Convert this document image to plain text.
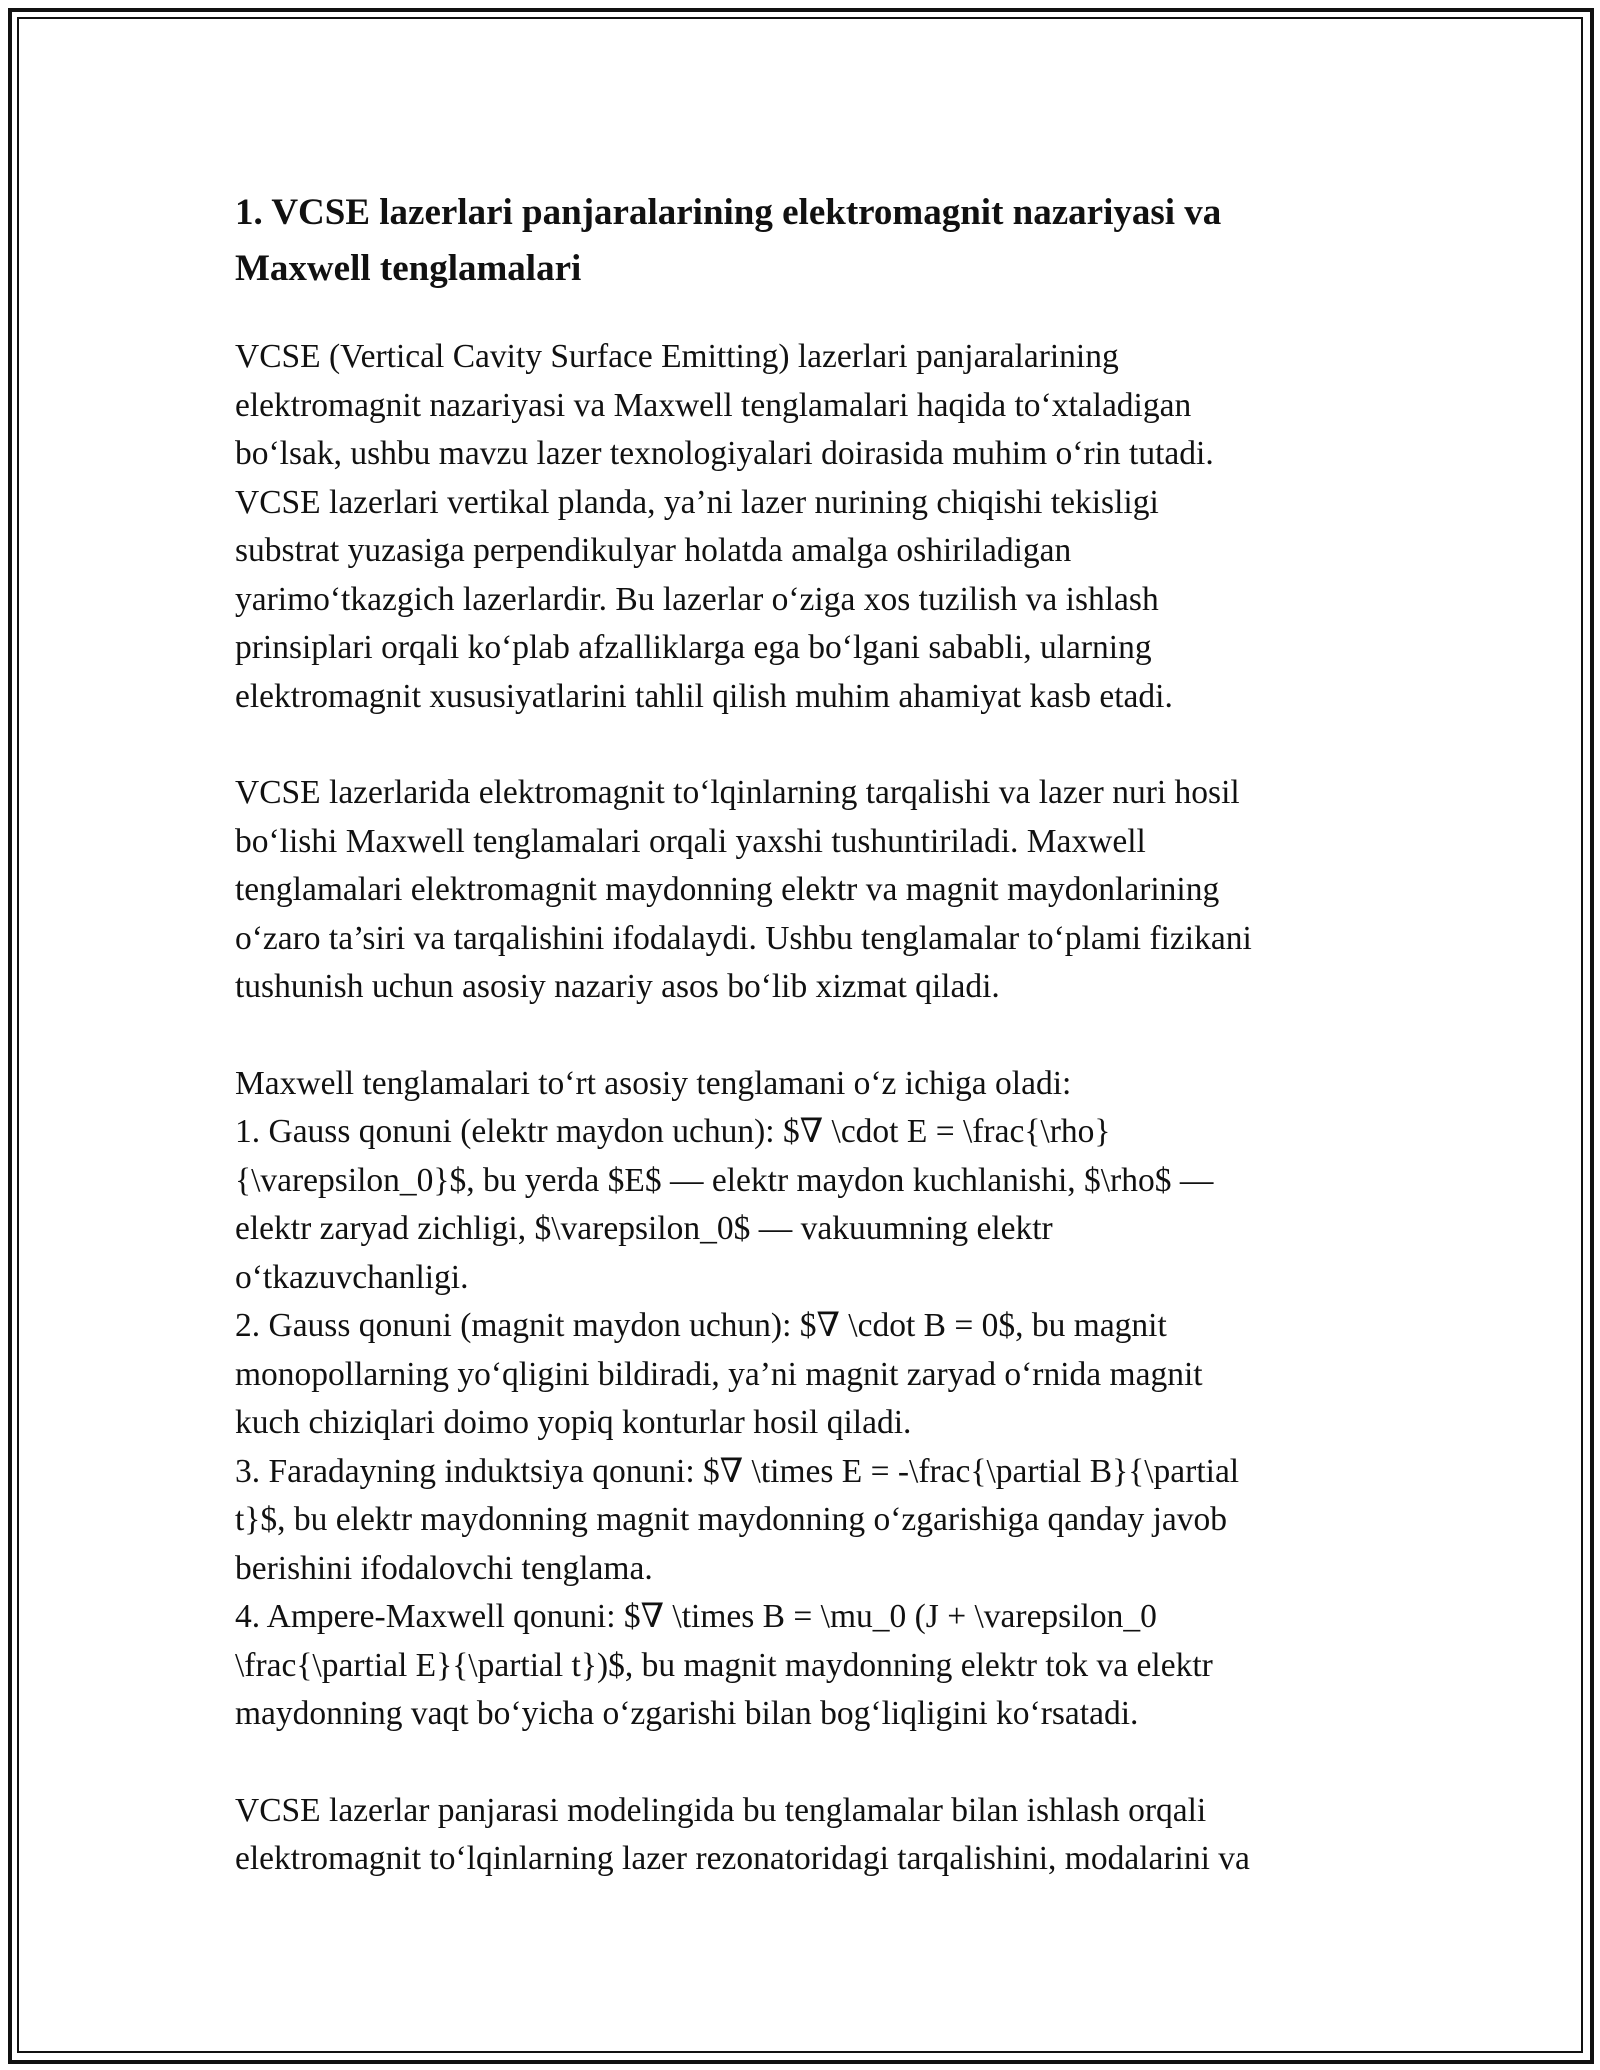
1. VCSE lazerlari panjaralarining elektromagnit nazariyasi va
Maxwell tenglamalari
VCSE (Vertical Cavity Surface Emitting) lazerlari panjaralarining
elektromagnit nazariyasi va Maxwell tenglamalari haqida to‘xtaladigan
bo‘lsak, ushbu mavzu lazer texnologiyalari doirasida muhim o‘rin tutadi.
VCSE lazerlari vertikal planda, ya’ni lazer nurining chiqishi tekisligi
substrat yuzasiga perpendikulyar holatda amalga oshiriladigan
yarimo‘tkazgich lazerlardir. Bu lazerlar o‘ziga xos tuzilish va ishlash
prinsiplari orqali ko‘plab afzalliklarga ega bo‘lgani sababli, ularning
elektromagnit xususiyatlarini tahlil qilish muhim ahamiyat kasb etadi.
VCSE lazerlarida elektromagnit to‘lqinlarning tarqalishi va lazer nuri hosil
bo‘lishi Maxwell tenglamalari orqali yaxshi tushuntiriladi. Maxwell
tenglamalari elektromagnit maydonning elektr va magnit maydonlarining
o‘zaro ta’siri va tarqalishini ifodalaydi. Ushbu tenglamalar to‘plami fizikani
tushunish uchun asosiy nazariy asos bo‘lib xizmat qiladi.
Maxwell tenglamalari to‘rt asosiy tenglamani o‘z ichiga oladi:
1. Gauss qonuni (elektr maydon uchun): $∇ \cdot E = \frac{\rho}
{\varepsilon_0}$, bu yerda $E$ — elektr maydon kuchlanishi, $\rho$ —
elektr zaryad zichligi, $\varepsilon_0$ — vakuumning elektr
o‘tkazuvchanligi.
2. Gauss qonuni (magnit maydon uchun): $∇ \cdot B = 0$, bu magnit
monopollarning yo‘qligini bildiradi, ya’ni magnit zaryad o‘rnida magnit
kuch chiziqlari doimo yopiq konturlar hosil qiladi.
3. Faradayning induktsiya qonuni: $∇ \times E = -\frac{\partial B}{\partial
t}$, bu elektr maydonning magnit maydonning o‘zgarishiga qanday javob
berishini ifodalovchi tenglama.
4. Ampere-Maxwell qonuni: $∇ \times B = \mu_0 (J + \varepsilon_0
\frac{\partial E}{\partial t})$, bu magnit maydonning elektr tok va elektr
maydonning vaqt bo‘yicha o‘zgarishi bilan bog‘liqligini ko‘rsatadi.
VCSE lazerlar panjarasi modelingida bu tenglamalar bilan ishlash orqali
elektromagnit to‘lqinlarning lazer rezonatoridagi tarqalishini, modalarini va
